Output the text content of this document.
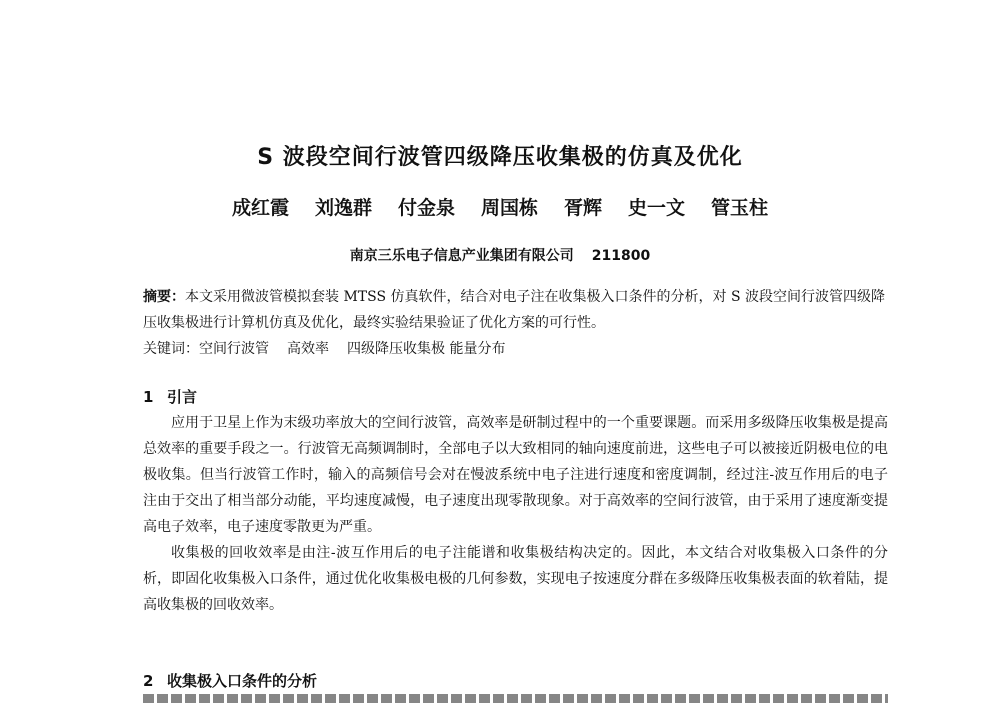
S 波段空间行波管四级降压收集极的仿真及优化
成红霞 刘逸群 付金泉 周国栋 胥辉 史一文 管玉柱
南京三乐电子信息产业集团有限公司 211800
摘要：本文采用微波管模拟套装 MTSS 仿真软件，结合对电子注在收集极入口条件的分析，对 S 波段空间行波管四级降压收集极进行计算机仿真及优化，最终实验结果验证了优化方案的可行性。
关键词：空间行波管 高效率 四级降压收集极 能量分布
1 引言

应用于卫星上作为末级功率放大的空间行波管，高效率是研制过程中的一个重要课题。而采用多级降压收集极是提高总效率的重要手段之一。行波管无高频调制时，全部电子以大致相同的轴向速度前进，这些电子可以被接近阴极电位的电极收集。但当行波管工作时，输入的高频信号会对在慢波系统中电子注进行速度和密度调制，经过注-波互作用后的电子注由于交出了相当部分动能，平均速度减慢，电子速度出现零散现象。对于高效率的空间行波管，由于采用了速度渐变提高电子效率，电子速度零散更为严重。

收集极的回收效率是由注-波互作用后的电子注能谱和收集极结构决定的。因此，本文结合对收集极入口条件的分析，即固化收集极入口条件，通过优化收集极电极的几何参数，实现电子按速度分群在多级降压收集极表面的软着陆，提高收集极的回收效率。

2 收集极入口条件的分析
